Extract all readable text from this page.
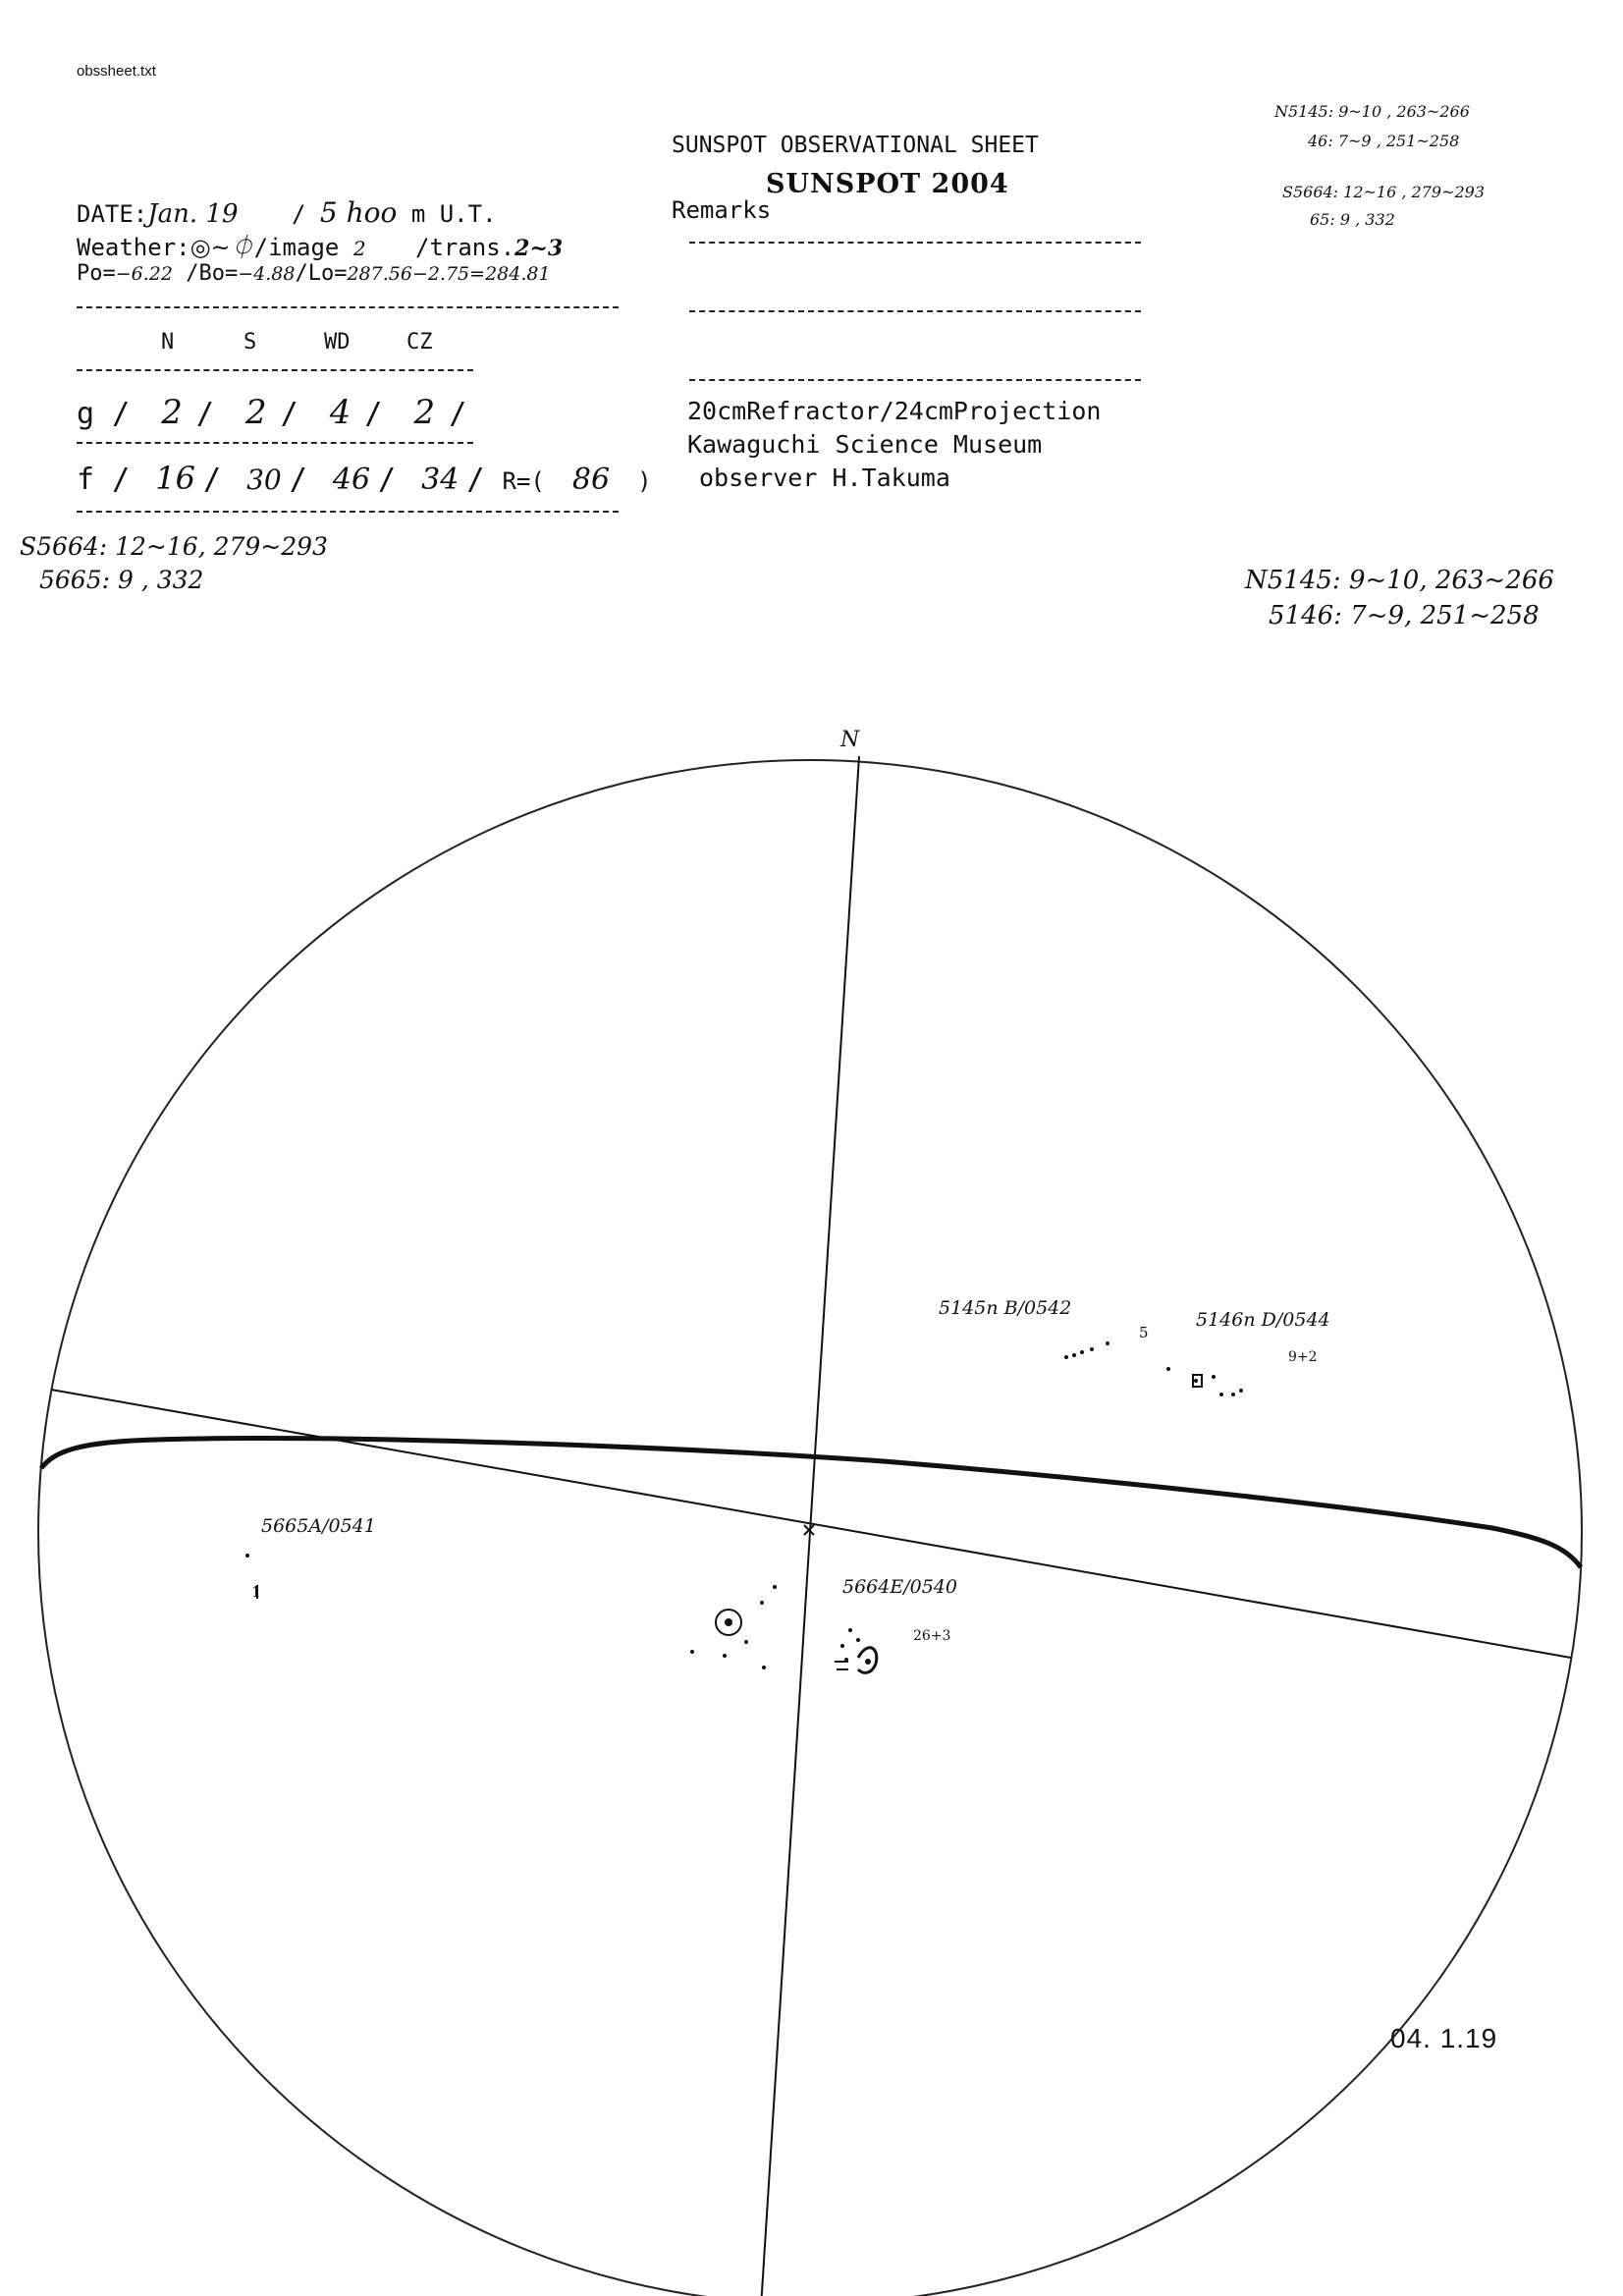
obssheet.txt
SUNSPOT OBSERVATIONAL SHEET
SUNSPOT 2004
DATE:Jan. 19 / 5 hoo m U.T.
Weather:◎~⏀/image 2 /trans.2~3
Po=−6.22 /Bo=−4.88/Lo=287.56−2.75=284.81
N	S	WD	CZ
g / 2 / 2 / 4 / 2 /
f / 16 / 30 / 46 / 34 / R=( 86 )
Remarks
20cmRefractor/24cmProjection
Kawaguchi Science Museum
observer H.Takuma
N5145: 9~10 , 263~266
46: 7~9 , 251~258
S5664: 12~16 , 279~293
65: 9 , 332
S5664: 12~16, 279~293
5665: 9 , 332	N5145: 9~10, 263~266
5146: 7~9, 251~258
N
5145n B/0542
5
5146n D/0544
9+2
5665A/0541
1	5664E/0540
26+3
04. 1.19
